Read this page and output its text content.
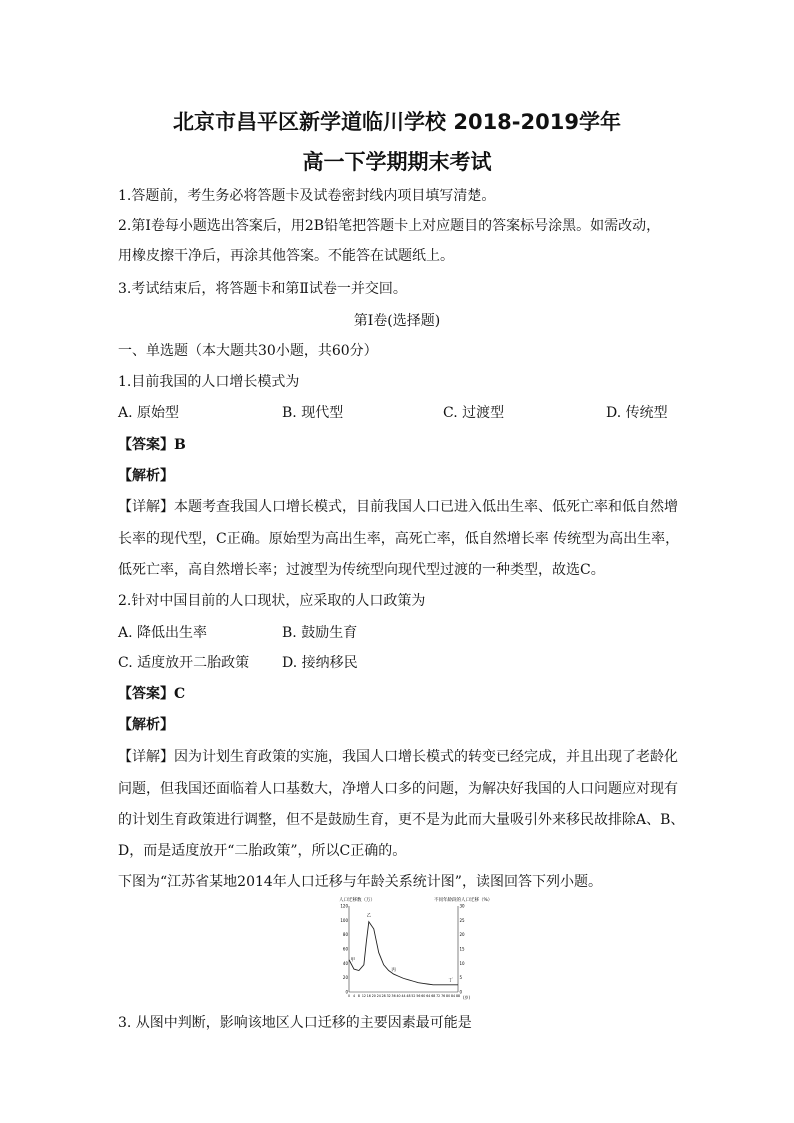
北京市昌平区新学道临川学校 2018-2019学年
高一下学期期末考试
1.答题前，考生务必将答题卡及试卷密封线内项目填写清楚。
2.第Ⅰ卷每小题选出答案后，用2B铅笔把答题卡上对应题目的答案标号涂黑。如需改动，
用橡皮擦干净后，再涂其他答案。不能答在试题纸上。
3.考试结束后，将答题卡和第Ⅱ试卷一并交回。
第Ⅰ卷(选择题)
一、单选题（本大题共30小题，共60分）
1.目前我国的人口增长模式为
A. 原始型	B. 现代型	C. 过渡型	D. 传统型
【答案】B
【解析】
【详解】本题考查我国人口增长模式，目前我国人口已进入低出生率、低死亡率和低自然增
长率的现代型，C正确。原始型为高出生率，高死亡率，低自然增长率 传统型为高出生率，
低死亡率，高自然增长率；过渡型为传统型向现代型过渡的一种类型，故选C。
2.针对中国目前的人口现状，应采取的人口政策为
A. 降低出生率	B. 鼓励生育
C. 适度放开二胎政策 D. 接纳移民
【答案】C
【解析】
【详解】因为计划生育政策的实施，我国人口增长模式的转变已经完成，并且出现了老龄化
问题，但我国还面临着人口基数大，净增人口多的问题，为解决好我国的人口问题应对现有
的计划生育政策进行调整，但不是鼓励生育，更不是为此而大量吸引外来移民故排除A、B、
D，而是适度放开“二胎政策”，所以C正确的。
下图为“江苏省某地2014年人口迁移与年龄关系统计图”，读图回答下列小题。
人口迁移数（万）	不同年龄段的人口迁移（%）
(岁)
0
20
40
60
80
100
120
0
5
10
15
20
25
30
0 4 8 12 16 20 24 28 32 36 40 44 48 52 56 60 64 68 72 76 80 84 88
甲
乙
丙
丁
3. 从图中判断，影响该地区人口迁移的主要因素最可能是
